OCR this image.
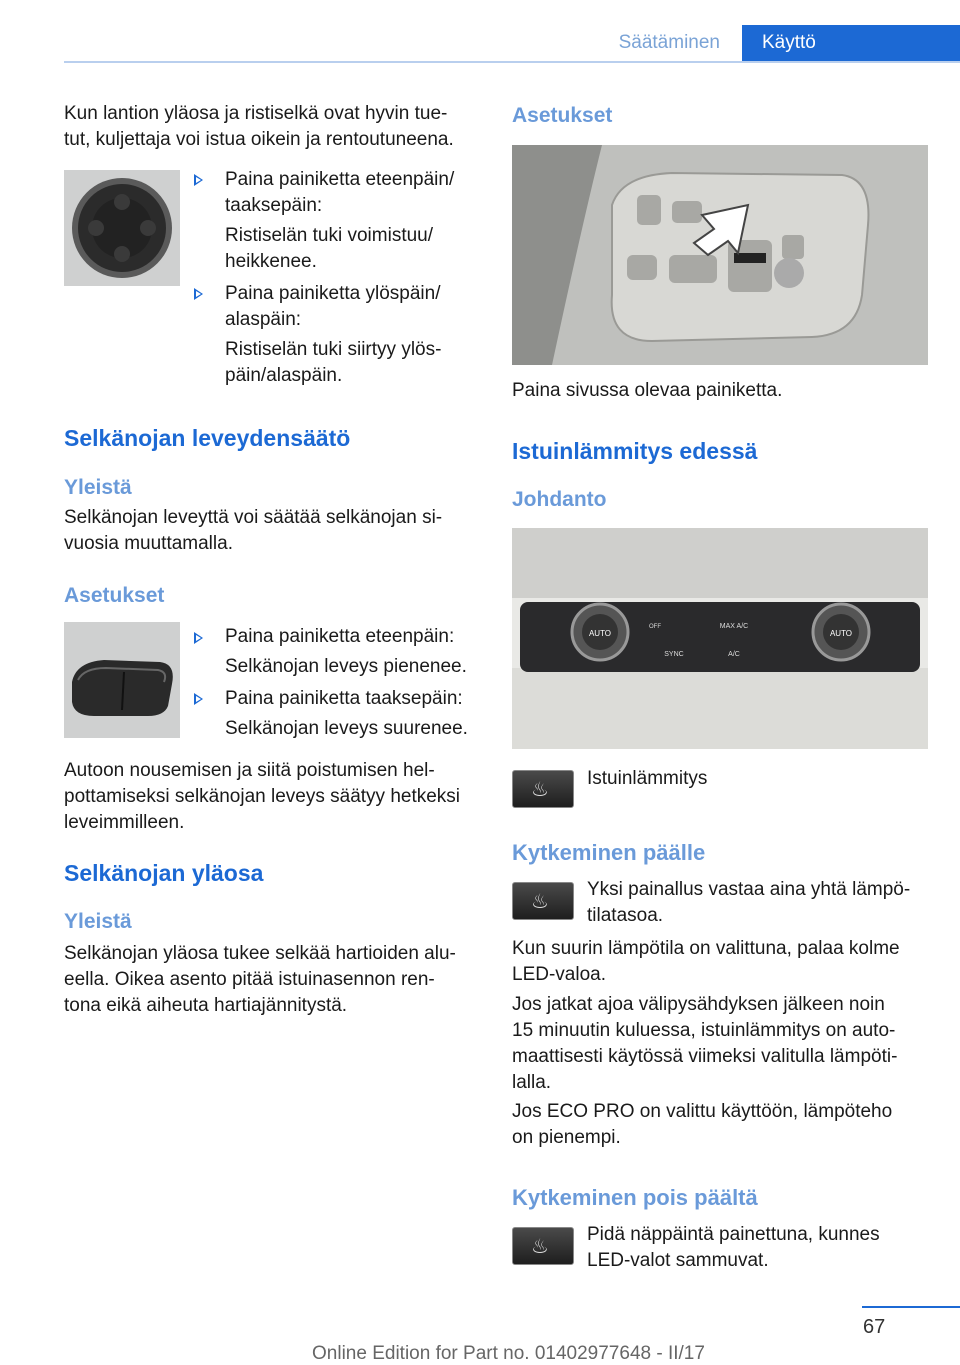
Säätäminen	Käyttö

Kun lantion yläosa ja ristiselkä ovat hyvin tue-
tut, kuljettaja voi istua oikein ja rentoutuneena.

Paina painiketta eteenpäin/
taaksepäin:
Ristiselän tuki voimistuu/
heikkenee.
Paina painiketta ylöspäin/
alaspäin:
Ristiselän tuki siirtyy ylös-
päin/alaspäin.
Selkänojan leveydensäätö
Yleistä

Selkänojan leveyttä voi säätää selkänojan si-
vuosia muuttamalla.

Asetukset
Paina painiketta eteenpäin:
Selkänojan leveys pienenee.
Paina painiketta taaksepäin:
Selkänojan leveys suurenee.

Autoon nousemisen ja siitä poistumisen hel-
pottamiseksi selkänojan leveys säätyy hetkeksi
leveimmilleen.

Selkänojan yläosa
Yleistä

Selkänojan yläosa tukee selkää hartioiden alu-
eella. Oikea asento pitää istuinasennon ren-
tona eikä aiheuta hartiajännitystä.

Asetukset

Paina sivussa olevaa painiketta.

Istuinlämmitys edessä
Johdanto
AUTO	AUTO
MAX A/C
SYNC	A/C
OFF
♨ Istuinlämmitys
Kytkeminen päälle
♨ Yksi painallus vastaa aina yhtä lämpö-
tilatasoa.

Kun suurin lämpötila on valittuna, palaa kolme
LED-valoa.

Jos jatkat ajoa välipysähdyksen jälkeen noin
15 minuutin kuluessa, istuinlämmitys on auto-
maattisesti käytössä viimeksi valitulla lämpöti-
lalla.

Jos ECO PRO on valittu käyttöön, lämpöteho
on pienempi.

Kytkeminen pois päältä
♨ Pidä näppäintä painettuna, kunnes
LED-valot sammuvat.

67
Online Edition for Part no. 01402977648 - II/17
